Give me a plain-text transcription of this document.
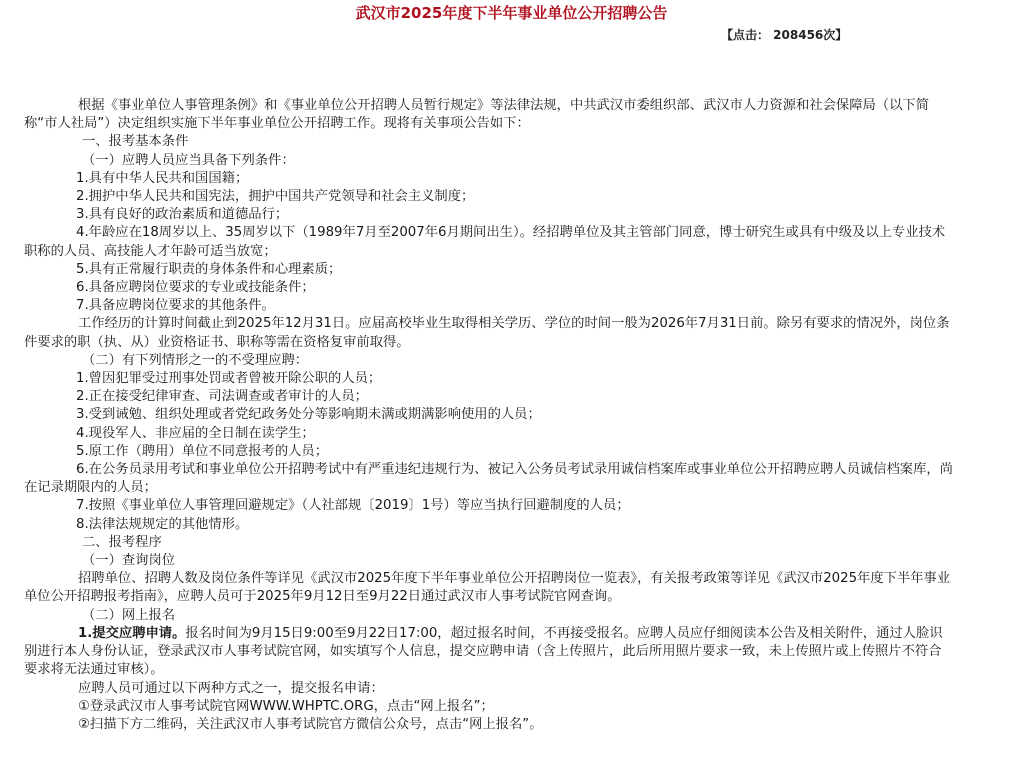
武汉市2025年度下半年事业单位公开招聘公告
【点击： 208456次】

根据《事业单位人事管理条例》和《事业单位公开招聘人员暂行规定》等法律法规，中共武汉市委组织部、武汉市人力资源和社会保障局（以下简称“市人社局”）决定组织实施下半年事业单位公开招聘工作。现将有关事项公告如下：

一、报考基本条件

（一）应聘人员应当具备下列条件：

1.具有中华人民共和国国籍；

2.拥护中华人民共和国宪法，拥护中国共产党领导和社会主义制度；

3.具有良好的政治素质和道德品行；

4.年龄应在18周岁以上、35周岁以下（1989年7月至2007年6月期间出生）。经招聘单位及其主管部门同意，博士研究生或具有中级及以上专业技术职称的人员、高技能人才年龄可适当放宽；

5.具有正常履行职责的身体条件和心理素质；

6.具备应聘岗位要求的专业或技能条件；

7.具备应聘岗位要求的其他条件。

工作经历的计算时间截止到2025年12月31日。应届高校毕业生取得相关学历、学位的时间一般为2026年7月31日前。除另有要求的情况外，岗位条件要求的职（执、从）业资格证书、职称等需在资格复审前取得。

（二）有下列情形之一的不受理应聘：

1.曾因犯罪受过刑事处罚或者曾被开除公职的人员；

2.正在接受纪律审查、司法调查或者审计的人员；

3.受到诫勉、组织处理或者党纪政务处分等影响期未满或期满影响使用的人员；

4.现役军人、非应届的全日制在读学生；

5.原工作（聘用）单位不同意报考的人员；

6.在公务员录用考试和事业单位公开招聘考试中有严重违纪违规行为、被记入公务员考试录用诚信档案库或事业单位公开招聘应聘人员诚信档案库，尚在记录期限内的人员；

7.按照《事业单位人事管理回避规定》（人社部规〔2019〕1号）等应当执行回避制度的人员；

8.法律法规规定的其他情形。

二、报考程序

（一）查询岗位

招聘单位、招聘人数及岗位条件等详见《武汉市2025年度下半年事业单位公开招聘岗位一览表》，有关报考政策等详见《武汉市2025年度下半年事业单位公开招聘报考指南》，应聘人员可于2025年9月12日至9月22日通过武汉市人事考试院官网查询。

（二）网上报名

1.提交应聘申请。报名时间为9月15日9:00至9月22日17:00，超过报名时间，不再接受报名。应聘人员应仔细阅读本公告及相关附件，通过人脸识别进行本人身份认证，登录武汉市人事考试院官网，如实填写个人信息，提交应聘申请（含上传照片，此后所用照片要求一致，未上传照片或上传照片不符合要求将无法通过审核）。

应聘人员可通过以下两种方式之一，提交报名申请：

①登录武汉市人事考试院官网WWW.WHPTC.ORG，点击“网上报名”；

②扫描下方二维码，关注武汉市人事考试院官方微信公众号，点击“网上报名”。
